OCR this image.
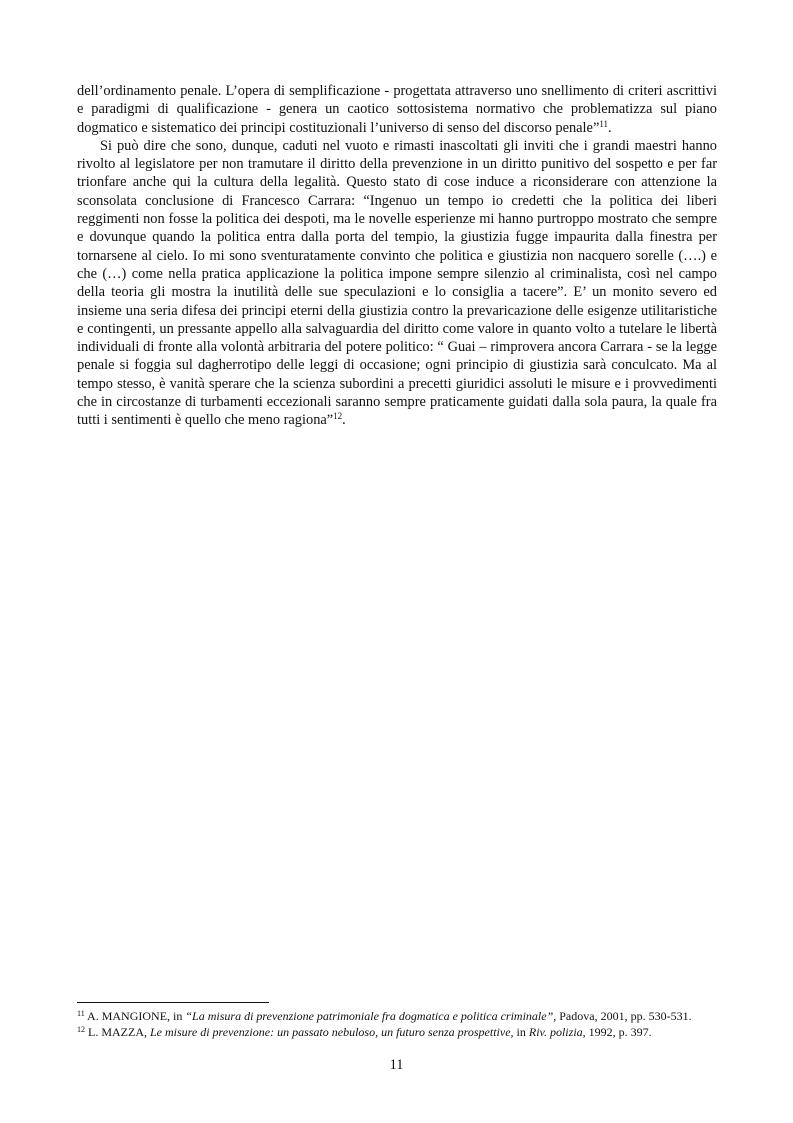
dell’ordinamento penale. L’opera di semplificazione - progettata attraverso uno snellimento di criteri ascrittivi e paradigmi di qualificazione - genera un caotico sottosistema normativo che problematizza sul piano dogmatico e sistematico dei principi costituzionali l’universo di senso del discorso penale”$^{11}$.

Si può dire che sono, dunque, caduti nel vuoto e rimasti inascoltati gli inviti che i grandi maestri hanno rivolto al legislatore per non tramutare il diritto della prevenzione in un diritto punitivo del sospetto e per far trionfare anche qui la cultura della legalità. Questo stato di cose induce a riconsiderare con attenzione la sconsolata conclusione di Francesco Carrara: “Ingenuo un tempo io credetti che la politica dei liberi reggimenti non fosse la politica dei despoti, ma le novelle esperienze mi hanno purtroppo mostrato che sempre e dovunque quando la politica entra dalla porta del tempio, la giustizia fugge impaurita dalla finestra per tornarsene al cielo. Io mi sono sventuratamente convinto che politica e giustizia non nacquero sorelle (….) e che (…) come nella pratica applicazione la politica impone sempre silenzio al criminalista, così nel campo della teoria gli mostra la inutilità delle sue speculazioni e lo consiglia a tacere”. E’ un monito severo ed insieme una seria difesa dei principi eterni della giustizia contro la prevaricazione delle esigenze utilitaristiche e contingenti, un pressante appello alla salvaguardia del diritto come valore in quanto volto a tutelare le libertà individuali di fronte alla volontà arbitraria del potere politico: “ Guai – rimprovera ancora Carrara - se la legge penale si foggia sul dagherrotipo delle leggi di occasione; ogni principio di giustizia sarà conculcato. Ma al tempo stesso, è vanità sperare che la scienza subordini a precetti giuridici assoluti le misure e i provvedimenti che in circostanze di turbamenti eccezionali saranno sempre praticamente guidati dalla sola paura, la quale fra tutti i sentimenti è quello che meno ragiona”$^{12}$.

$^{11}$ A. MANGIONE, in “La misura di prevenzione patrimoniale fra dogmatica e politica criminale”, Padova, 2001, pp. 530-531.

$^{12}$ L. MAZZA, Le misure di prevenzione: un passato nebuloso, un futuro senza prospettive, in Riv. polizia, 1992, p. 397.

11
